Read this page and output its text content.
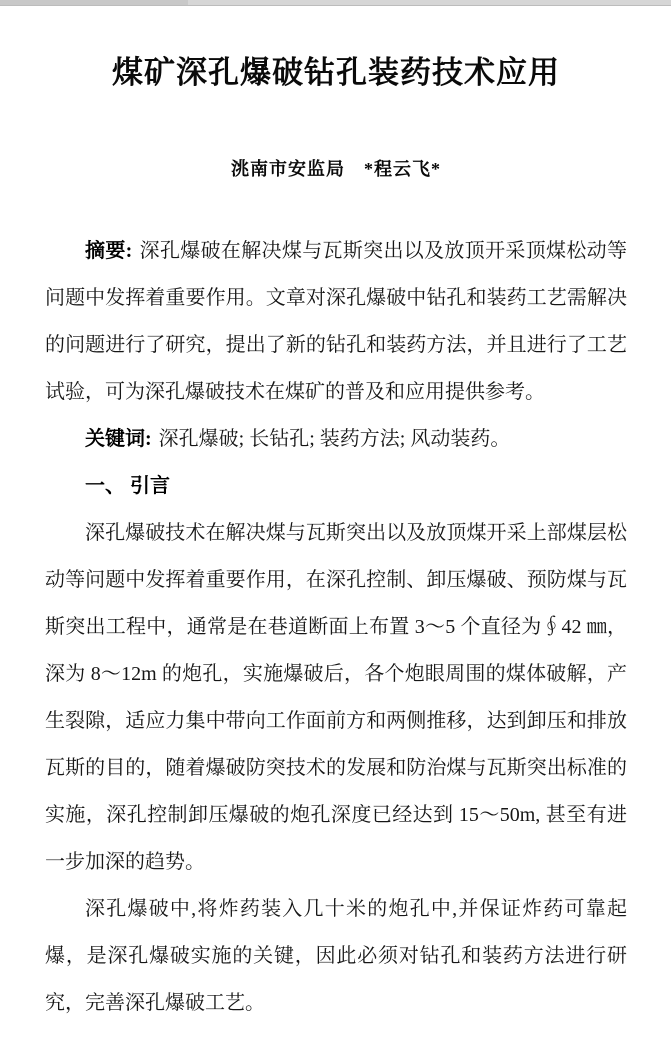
煤矿深孔爆破钻孔装药技术应用
洮南市安监局　*程云飞*

摘要: 深孔爆破在解决煤与瓦斯突出以及放顶开采顶煤松动等问题中发挥着重要作用。文章对深孔爆破中钻孔和装药工艺需解决的问题进行了研究，提出了新的钻孔和装药方法，并且进行了工艺试验，可为深孔爆破技术在煤矿的普及和应用提供参考。

关键词: 深孔爆破; 长钻孔; 装药方法; 风动装药。

一、 引言

深孔爆破技术在解决煤与瓦斯突出以及放顶煤开采上部煤层松动等问题中发挥着重要作用，在深孔控制、卸压爆破、预防煤与瓦斯突出工程中，通常是在巷道断面上布置 3～5 个直径为∮42 ㎜，深为 8～12m 的炮孔，实施爆破后，各个炮眼周围的煤体破解，产生裂隙，适应力集中带向工作面前方和两侧推移，达到卸压和排放瓦斯的目的，随着爆破防突技术的发展和防治煤与瓦斯突出标准的实施，深孔控制卸压爆破的炮孔深度已经达到 15～50m, 甚至有进一步加深的趋势。

深孔爆破中,将炸药装入几十米的炮孔中,并保证炸药可靠起爆，是深孔爆破实施的关键，因此必须对钻孔和装药方法进行研究，完善深孔爆破工艺。
